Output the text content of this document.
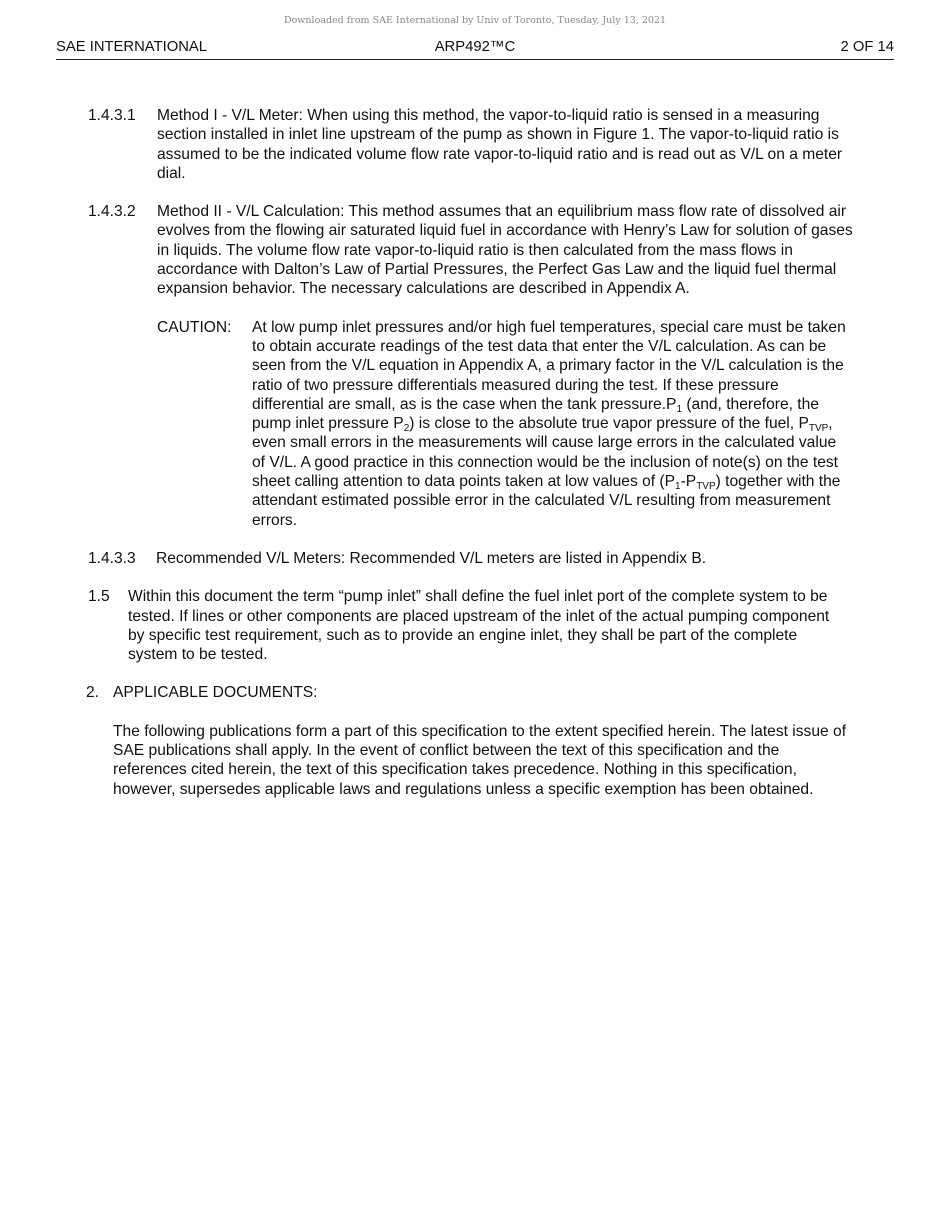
Downloaded from SAE International by Univ of Toronto, Tuesday, July 13, 2021
SAE INTERNATIONAL	ARP492™C	2 OF 14
1.4.3.1 Method I - V/L Meter: When using this method, the vapor-to-liquid ratio is sensed in a measuring section installed in inlet line upstream of the pump as shown in Figure 1. The vapor-to-liquid ratio is assumed to be the indicated volume flow rate vapor-to-liquid ratio and is read out as V/L on a meter dial.
1.4.3.2 Method II - V/L Calculation: This method assumes that an equilibrium mass flow rate of dissolved air evolves from the flowing air saturated liquid fuel in accordance with Henry’s Law for solution of gases in liquids. The volume flow rate vapor-to-liquid ratio is then calculated from the mass flows in accordance with Dalton’s Law of Partial Pressures, the Perfect Gas Law and the liquid fuel thermal expansion behavior. The necessary calculations are described in Appendix A.
CAUTION: At low pump inlet pressures and/or high fuel temperatures, special care must be taken to obtain accurate readings of the test data that enter the V/L calculation. As can be seen from the V/L equation in Appendix A, a primary factor in the V/L calculation is the ratio of two pressure differentials measured during the test. If these pressure differential are small, as is the case when the tank $pressure.P_1$ (and, therefore, the pump inlet pressure $P_2$) is close to the absolute true vapor pressure of the fuel, $P_{TVP}$, even small errors in the measurements will cause large errors in the calculated value of V/L. A good practice in this connection would be the inclusion of note(s) on the test sheet calling attention to data points taken at low values of $(P_1-P_{TVP})$ together with the attendant estimated possible error in the calculated V/L resulting from measurement errors.
1.4.3.3 Recommended V/L Meters: Recommended V/L meters are listed in Appendix B.
1.5 Within this document the term “pump inlet” shall define the fuel inlet port of the complete system to be tested. If lines or other components are placed upstream of the inlet of the actual pumping component by specific test requirement, such as to provide an engine inlet, they shall be part of the complete system to be tested.
2. APPLICABLE DOCUMENTS:
The following publications form a part of this specification to the extent specified herein. The latest issue of SAE publications shall apply. In the event of conflict between the text of this specification and the references cited herein, the text of this specification takes precedence. Nothing in this specification, however, supersedes applicable laws and regulations unless a specific exemption has been obtained.
